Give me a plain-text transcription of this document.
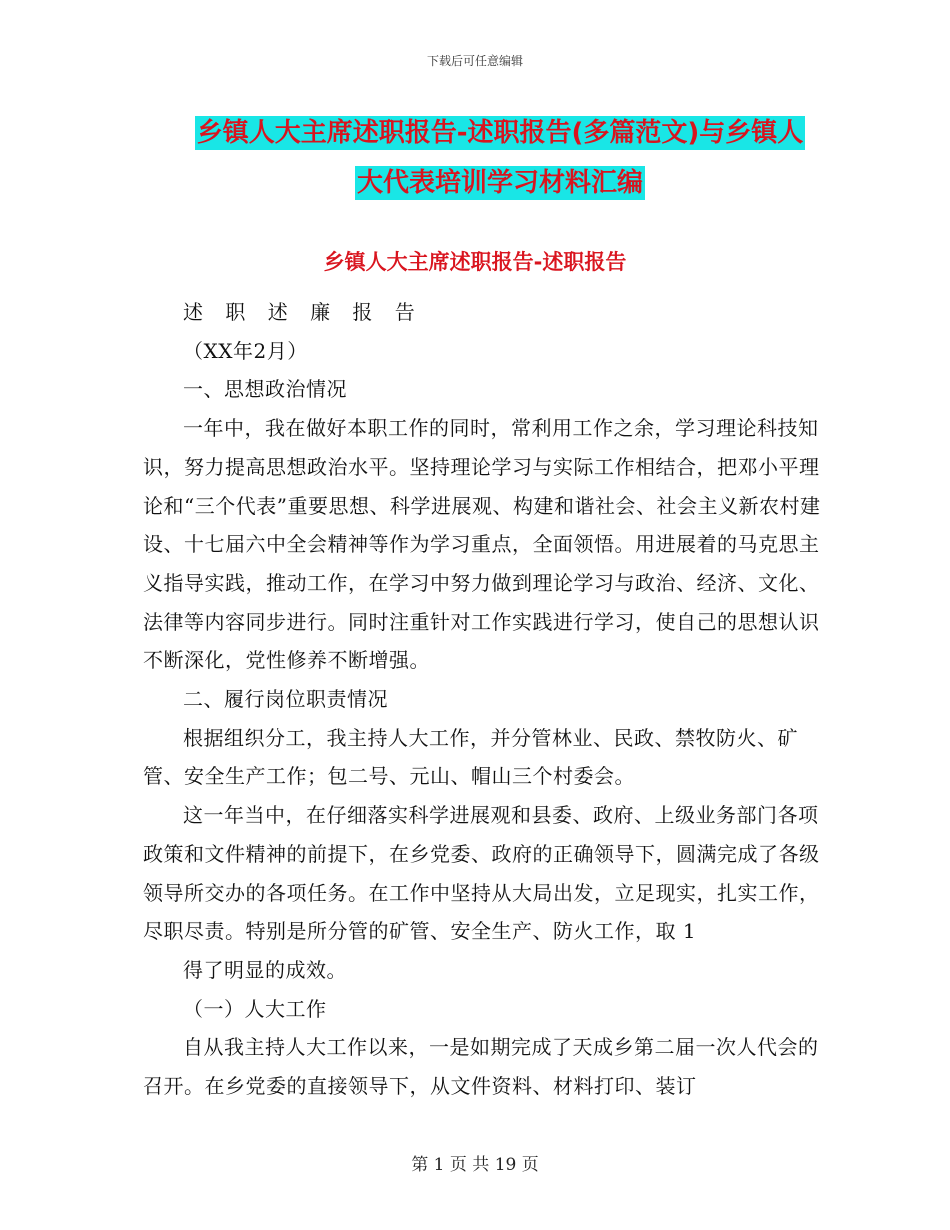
下载后可任意编辑
乡镇人大主席述职报告-述职报告(多篇范文)与乡镇人
大代表培训学习材料汇编
乡镇人大主席述职报告-述职报告

述 职 述 廉 报 告

（XX年2月）

一、思想政治情况

一年中，我在做好本职工作的同时，常利用工作之余，学习理论科技知识，努力提高思想政治水平。坚持理论学习与实际工作相结合，把邓小平理论和“三个代表”重要思想、科学进展观、构建和谐社会、社会主义新农村建设、十七届六中全会精神等作为学习重点，全面领悟。用进展着的马克思主义指导实践，推动工作，在学习中努力做到理论学习与政治、经济、文化、法律等内容同步进行。同时注重针对工作实践进行学习，使自己的思想认识不断深化，党性修养不断增强。

二、履行岗位职责情况

根据组织分工，我主持人大工作，并分管林业、民政、禁牧防火、矿管、安全生产工作；包二号、元山、帽山三个村委会。

这一年当中，在仔细落实科学进展观和县委、政府、上级业务部门各项政策和文件精神的前提下，在乡党委、政府的正确领导下，圆满完成了各级领导所交办的各项任务。在工作中坚持从大局出发，立足现实，扎实工作，尽职尽责。特别是所分管的矿管、安全生产、防火工作，取 1

得了明显的成效。

（一）人大工作

自从我主持人大工作以来，一是如期完成了天成乡第二届一次人代会的召开。在乡党委的直接领导下，从文件资料、材料打印、装订

第 1 页 共 19 页
